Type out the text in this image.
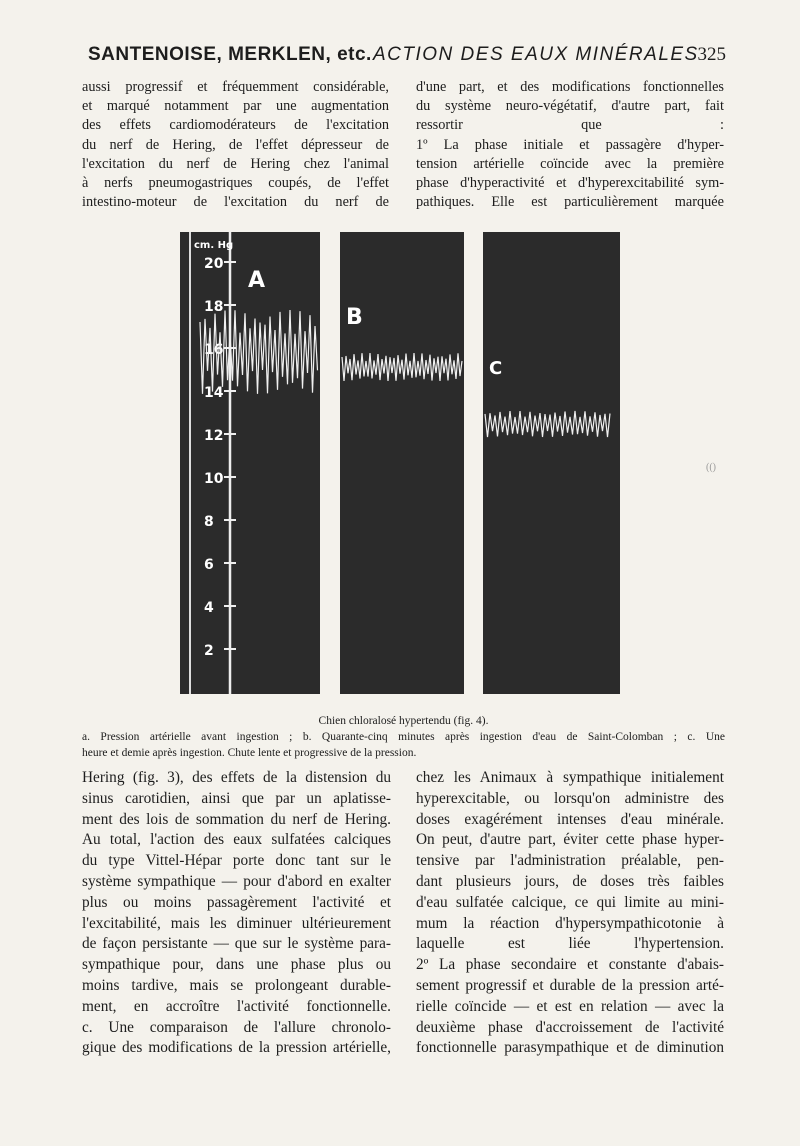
SANTENOISE, MERKLEN, etc. ACTION DES EAUX MINÉRALES
325
aussi progressif et fréquemment considérable,
et marqué notamment par une augmentation
des effets cardiomodérateurs de l'excitation
du nerf de Hering, de l'effet dépresseur de
l'excitation du nerf de Hering chez l'animal
à nerfs pneumogastriques coupés, de l'effet
intestino-moteur de l'excitation du nerf de
d'une part, et des modifications fonctionnelles
du système neuro-végétatif, d'autre part, fait
ressortir que :
1º La phase initiale et passagère d'hyper-
tension artérielle coïncide avec la première
phase d'hyperactivité et d'hyperexcitabilité sym-
pathiques. Elle est particulièrement marquée
20
18
16
14
12
10
8
6
4
2
cm. Hg
A
B
C
(()
Chien chloralosé hypertendu (fig. 4).
a. Pression artérielle avant ingestion ; b. Quarante-cinq minutes après ingestion d'eau de Saint-Colomban ; c. Une
heure et demie après ingestion. Chute lente et progressive de la pression.
Hering (fig. 3), des effets de la distension du
sinus carotidien, ainsi que par un aplatisse-
ment des lois de sommation du nerf de Hering.
Au total, l'action des eaux sulfatées calciques
du type Vittel-Hépar porte donc tant sur le
système sympathique — pour d'abord en exalter
plus ou moins passagèrement l'activité et
l'excitabilité, mais les diminuer ultérieurement
de façon persistante — que sur le système para-
sympathique pour, dans une phase plus ou
moins tardive, mais se prolongeant durable-
ment, en accroître l'activité fonctionnelle.
c. Une comparaison de l'allure chronolo-
gique des modifications de la pression artérielle,
chez les Animaux à sympathique initialement
hyperexcitable, ou lorsqu'on administre des
doses exagérément intenses d'eau minérale.
On peut, d'autre part, éviter cette phase hyper-
tensive par l'administration préalable, pen-
dant plusieurs jours, de doses très faibles
d'eau sulfatée calcique, ce qui limite au mini-
mum la réaction d'hypersympathicotonie à
laquelle est liée l'hypertension.
2º La phase secondaire et constante d'abais-
sement progressif et durable de la pression arté-
rielle coïncide — et est en relation — avec la
deuxième phase d'accroissement de l'activité
fonctionnelle parasympathique et de diminution
